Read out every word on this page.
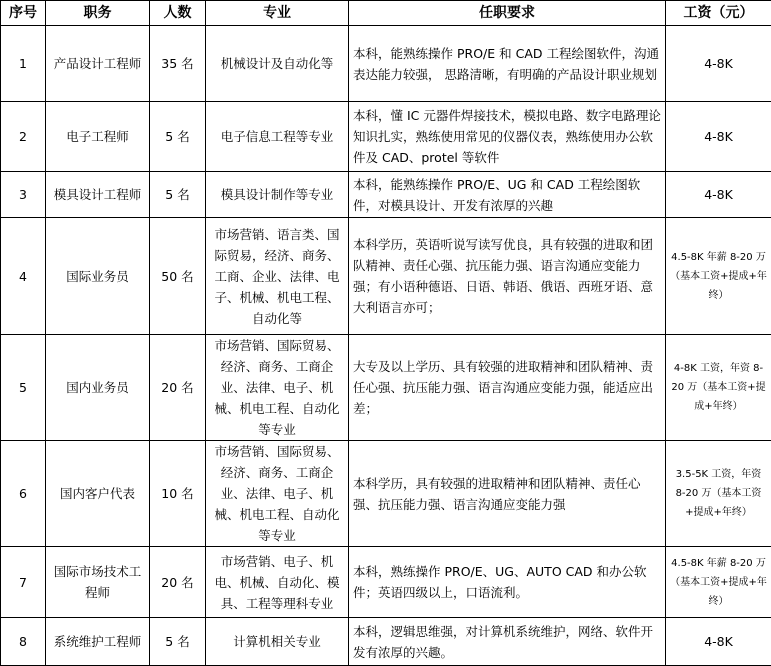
序号	职务	人数	专业	任职要求	工资（元）
1	产品设计工程师	35 名	机械设计及自动化等	本科，能熟练操作 PRO/E 和 CAD 工程绘图软件，沟通表达能力较强， 思路清晰，有明确的产品设计职业规划	4-8K
2	电子工程师	5 名	电子信息工程等专业	本科，懂 IC 元器件焊接技术，模拟电路、数字电路理论知识扎实，熟练使用常见的仪器仪表，熟练使用办公软件及 CAD、protel 等软件	4-8K
3	模具设计工程师	5 名	模具设计制作等专业	本科，能熟练操作 PRO/E、UG 和 CAD 工程绘图软件，对模具设计、开发有浓厚的兴趣	4-8K
4	国际业务员	50 名	市场营销、语言类、国际贸易，经济、商务、工商、企业、法律、电子、机械、机电工程、自动化等	本科学历，英语听说写读写优良，具有较强的进取和团队精神、责任心强、抗压能力强、语言沟通应变能力强；有小语种德语、日语、韩语、俄语、西班牙语、意大利语言亦可；	4.5-8K 年薪 8-20 万（基本工资+提成+年终）
5	国内业务员	20 名	市场营销、国际贸易、经济、商务、工商企业、法律、电子、机械、机电工程、自动化等专业	大专及以上学历、具有较强的进取精神和团队精神、责任心强、抗压能力强、语言沟通应变能力强，能适应出差；	4-8K 工资，年资 8-20 万（基本工资+提成+年终）
6	国内客户代表	10 名	市场营销、国际贸易、经济、商务、工商企业、法律、电子、机械、机电工程、自动化等专业	本科学历，具有较强的进取精神和团队精神、责任心强、抗压能力强、语言沟通应变能力强	3.5-5K 工资，年资 8-20 万（基本工资+提成+年终）
7	国际市场技术工程师	20 名	市场营销、电子、机电、机械、自动化、模具、工程等理科专业	本科，熟练操作 PRO/E、UG、AUTO CAD 和办公软件；英语四级以上，口语流利。	4.5-8K 年薪 8-20 万（基本工资+提成+年终）
8	系统维护工程师	5 名	计算机相关专业	本科，逻辑思维强，对计算机系统维护，网络、软件开发有浓厚的兴趣。	4-8K
